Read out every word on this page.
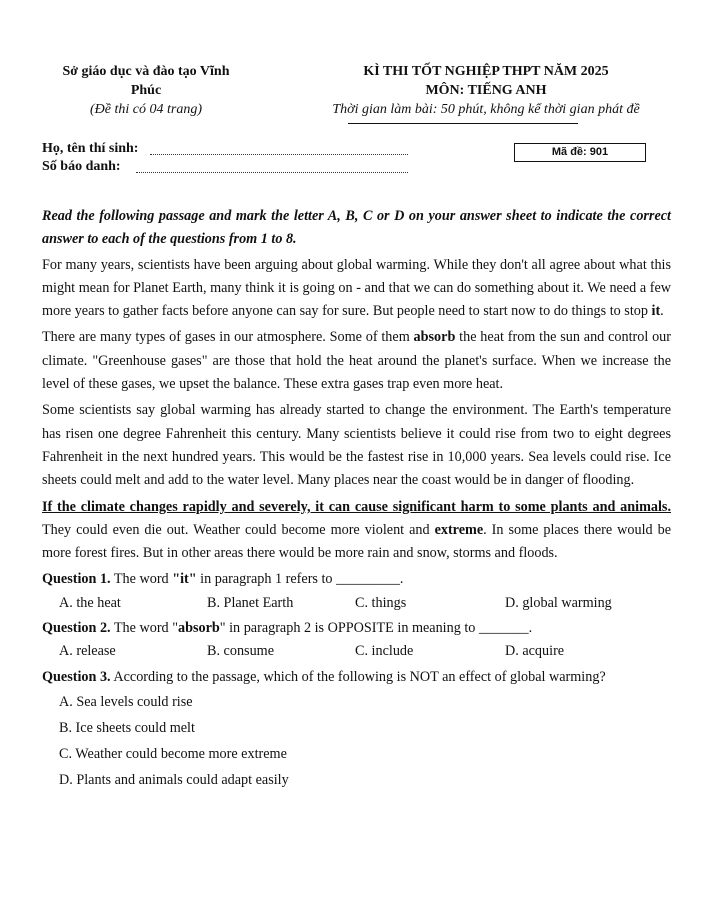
Sở giáo dục và đào tạo Vĩnh
Phúc
(Đề thi có 04 trang)
KÌ THI TỐT NGHIỆP THPT NĂM 2025
MÔN: TIẾNG ANH
Thời gian làm bài: 50 phút, không kể thời gian phát đề
Họ, tên thí sinh:
Số báo danh:
Mã đề: 901

Read the following passage and mark the letter A, B, C or D on your answer sheet to indicate the correct answer to each of the questions from 1 to 8.

For many years, scientists have been arguing about global warming. While they don't all agree about what this might mean for Planet Earth, many think it is going on - and that we can do something about it. We need a few more years to gather facts before anyone can say for sure. But people need to start now to do things to stop it.

There are many types of gases in our atmosphere. Some of them absorb the heat from the sun and control our climate. "Greenhouse gases" are those that hold the heat around the planet's surface. When we increase the level of these gases, we upset the balance. These extra gases trap even more heat.

Some scientists say global warming has already started to change the environment. The Earth's temperature has risen one degree Fahrenheit this century. Many scientists believe it could rise from two to eight degrees Fahrenheit in the next hundred years. This would be the fastest rise in 10,000 years. Sea levels could rise. Ice sheets could melt and add to the water level. Many places near the coast would be in danger of flooding.

If the climate changes rapidly and severely, it can cause significant harm to some plants and animals. They could even die out. Weather could become more violent and extreme. In some places there would be more forest fires. But in other areas there would be more rain and snow, storms and floods.

Question 1. The word "it" in paragraph 1 refers to _________.

A. the heat	B. Planet Earth	C. things	D. global warming

Question 2. The word "absorb" in paragraph 2 is OPPOSITE in meaning to _______.

A. release	B. consume	C. include	D. acquire

Question 3. According to the passage, which of the following is NOT an effect of global warming?

A. Sea levels could rise
B. Ice sheets could melt
C. Weather could become more extreme
D. Plants and animals could adapt easily
